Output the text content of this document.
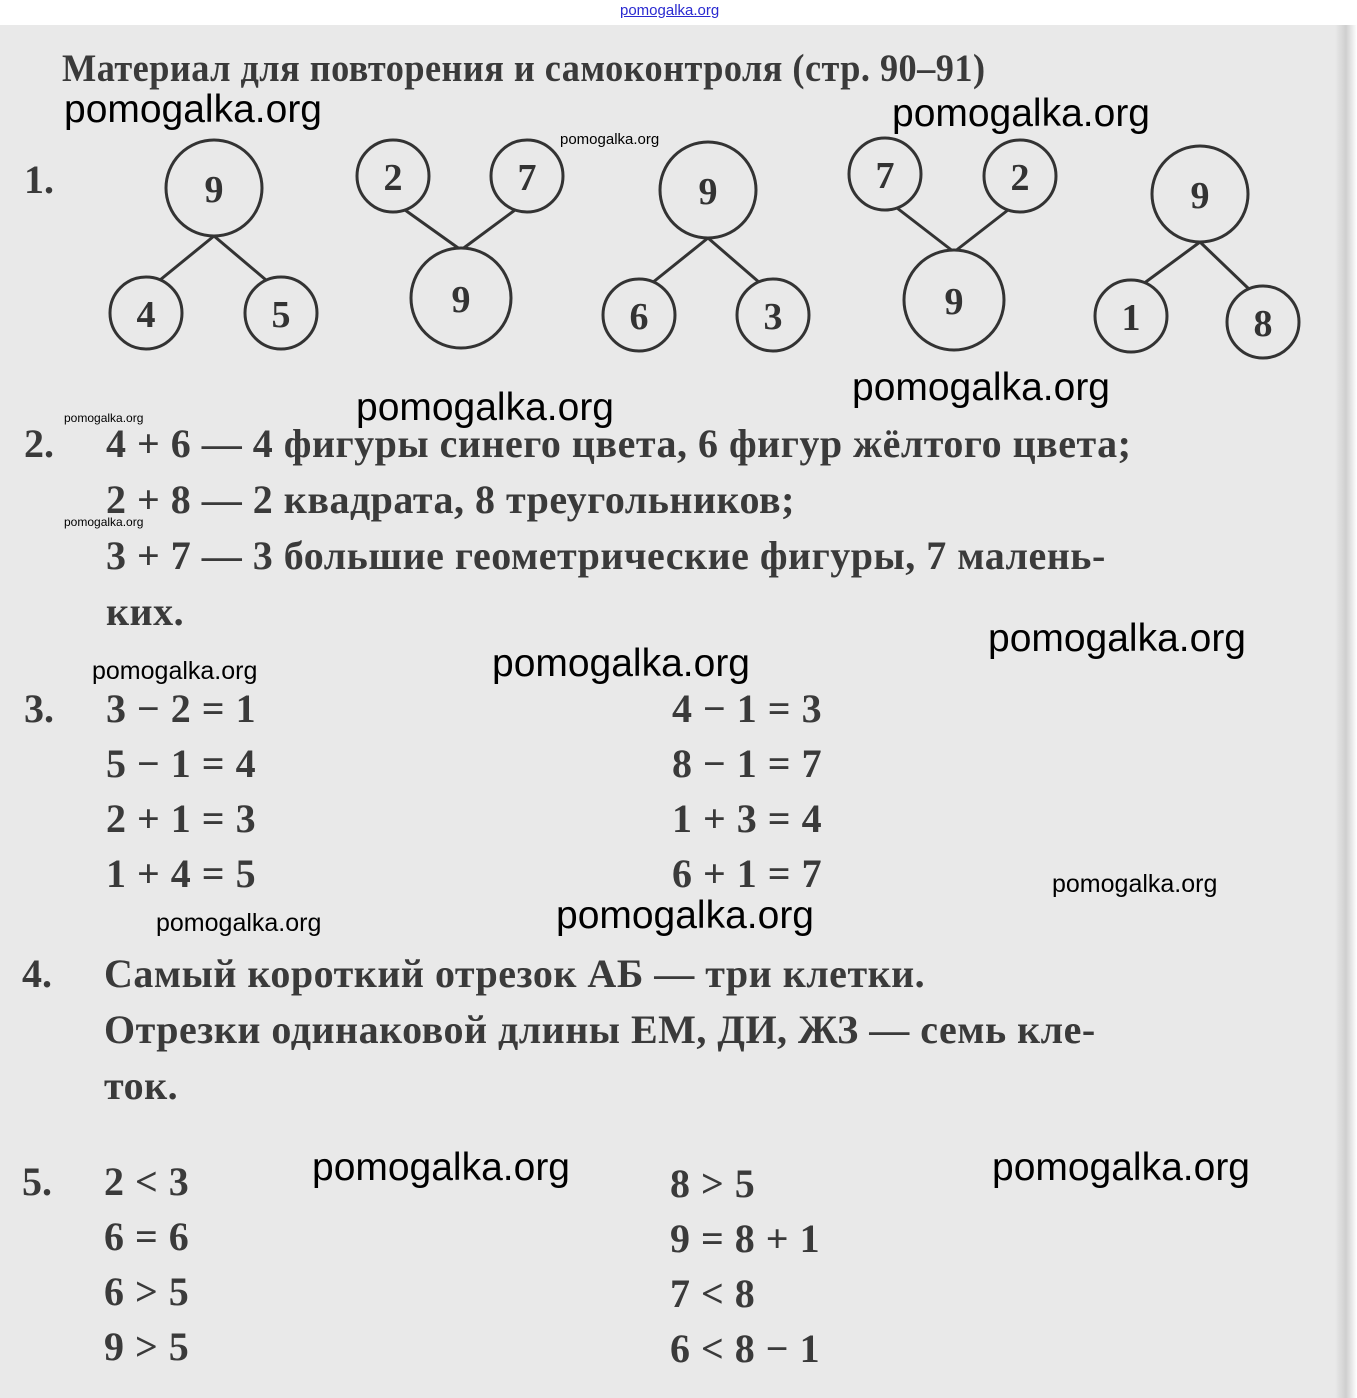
pomogalka.org
Материал для повторения и самоконтроля (стр. 90–91)
1.	9
4	5
2	7
9
9
6	3
7	2
9
9
1	8
2. 4 + 6 — 4 фигуры синего цвета, 6 фигур жёлтого цвета;
2 + 8 — 2 квадрата, 8 треугольников;
3 + 7 — 3 большие геометрические фигуры, 7 малень-
ких.
3. 3 − 2 = 1
5 − 1 = 4
2 + 1 = 3
1 + 4 = 5
4 − 1 = 3
8 − 1 = 7
1 + 3 = 4
6 + 1 = 7
4. Самый короткий отрезок АБ — три клетки.
Отрезки одинаковой длины ЕМ, ДИ, ЖЗ — семь кле-
ток.
5. 2 < 3
6 = 6
6 > 5
9 > 5
8 > 5
9 = 8 + 1
7 < 8
6 < 8 − 1
pomogalka.org	pomogalka.org
pomogalka.org
pomogalka.org	pomogalka.org
pomogalka.org
pomogalka.org
pomogalka.org
pomogalka.org
pomogalka.org
pomogalka.org
pomogalka.org
pomogalka.org
pomogalka.org	pomogalka.org
